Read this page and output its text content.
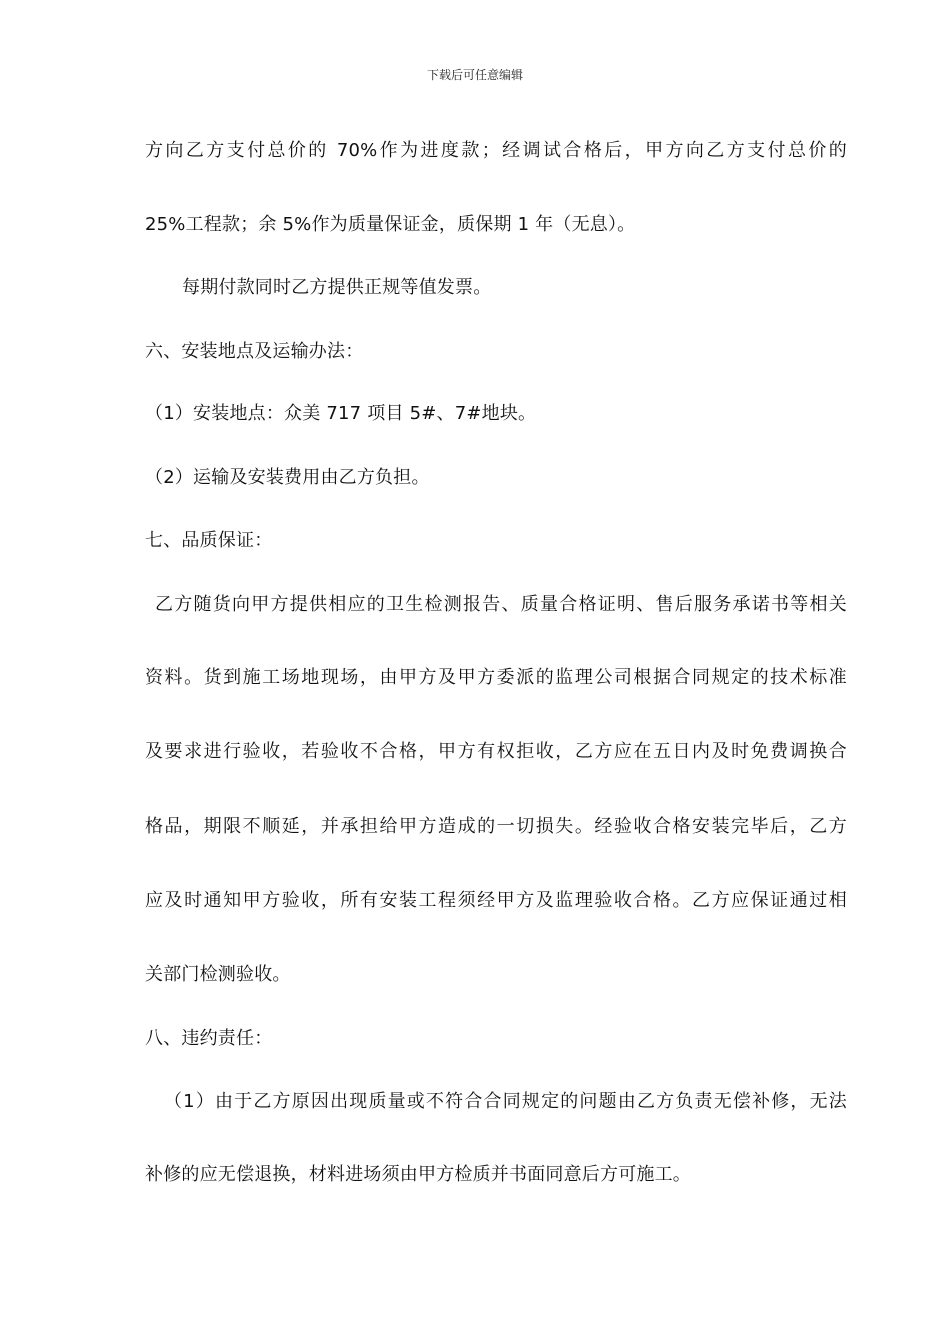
下载后可任意编辑
方向乙方支付总价的 70%作为进度款；经调试合格后，甲方向乙方支付总价的
25%工程款；余 5%作为质量保证金，质保期 1 年（无息）。
每期付款同时乙方提供正规等值发票。
六、安装地点及运输办法：
（1）安装地点：众美 717 项目 5#、7#地块。
（2）运输及安装费用由乙方负担。
七、品质保证：
乙方随货向甲方提供相应的卫生检测报告、质量合格证明、售后服务承诺书等相关
资料。货到施工场地现场，由甲方及甲方委派的监理公司根据合同规定的技术标准
及要求进行验收，若验收不合格，甲方有权拒收，乙方应在五日内及时免费调换合
格品，期限不顺延，并承担给甲方造成的一切损失。经验收合格安装完毕后，乙方
应及时通知甲方验收，所有安装工程须经甲方及监理验收合格。乙方应保证通过相
关部门检测验收。
八、违约责任：
（1）由于乙方原因出现质量或不符合合同规定的问题由乙方负责无偿补修，无法
补修的应无偿退换，材料进场须由甲方检质并书面同意后方可施工。
